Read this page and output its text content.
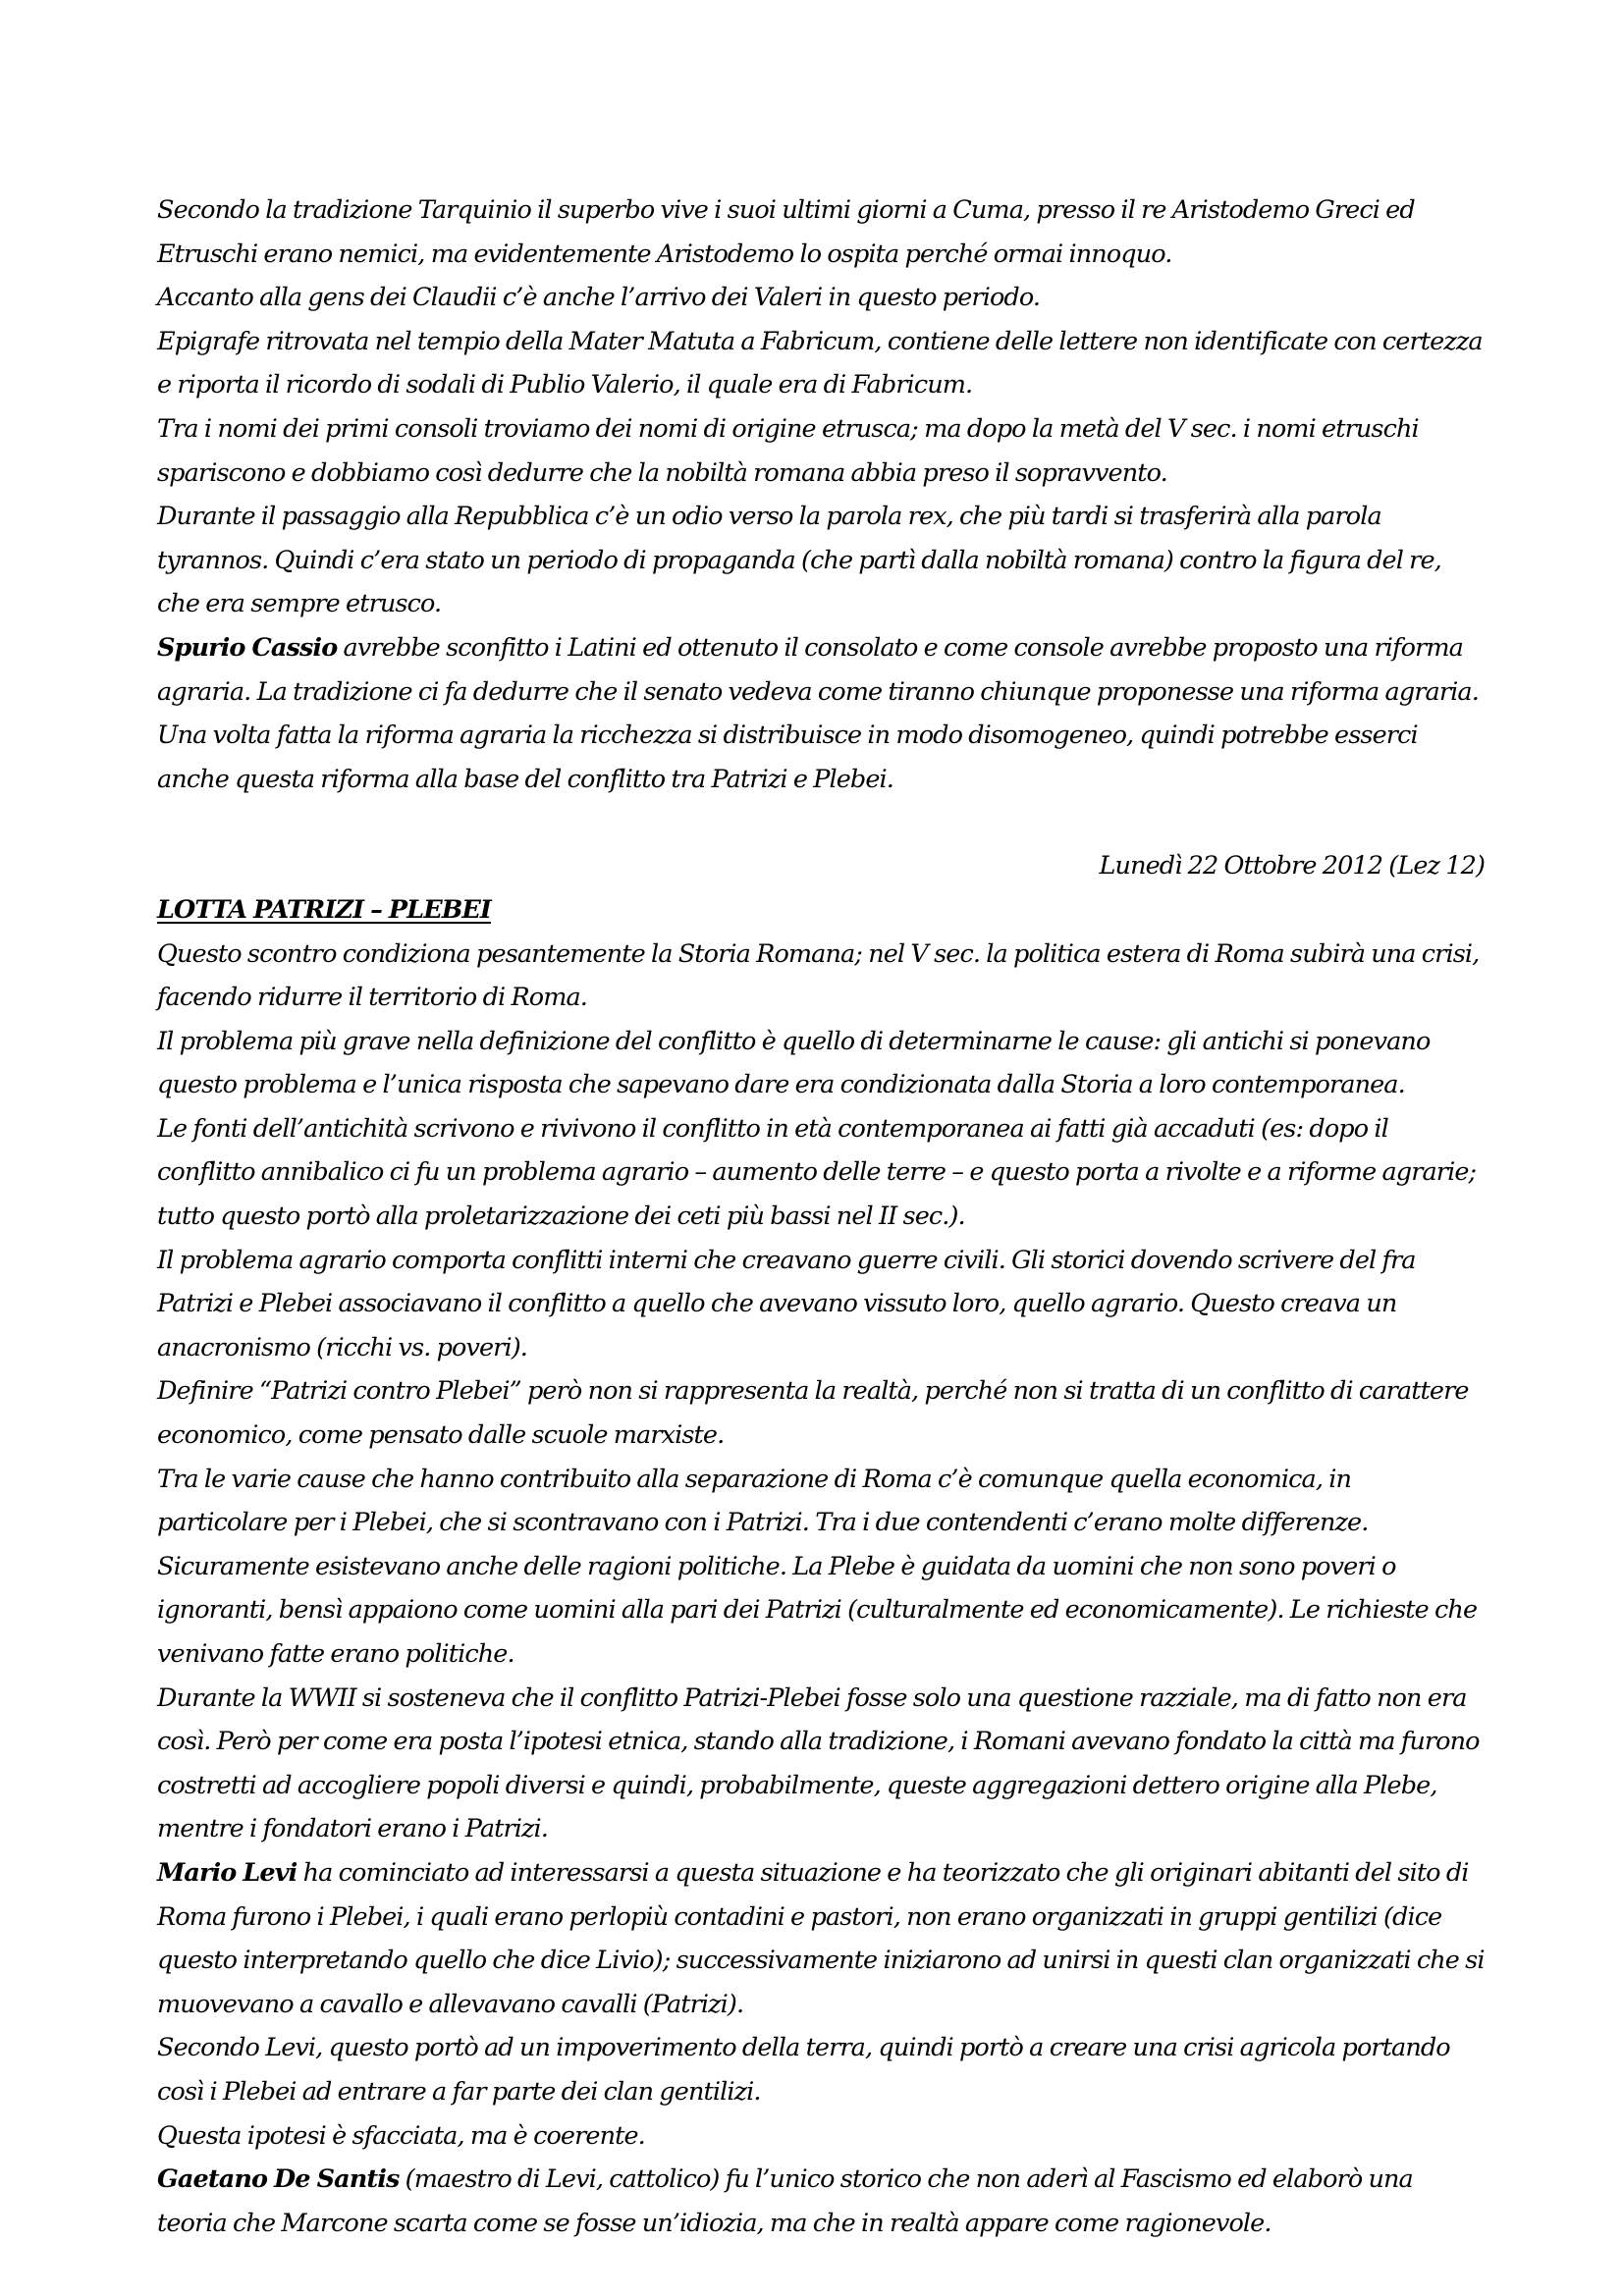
Secondo la tradizione Tarquinio il superbo vive i suoi ultimi giorni a Cuma, presso il re Aristodemo Greci ed Etruschi erano nemici, ma evidentemente Aristodemo lo ospita perché ormai innoquo.

Accanto alla gens dei Claudii c’è anche l’arrivo dei Valeri in questo periodo.

Epigrafe ritrovata nel tempio della Mater Matuta a Fabricum, contiene delle lettere non identificate con certezza e riporta il ricordo di sodali di Publio Valerio, il quale era di Fabricum.

Tra i nomi dei primi consoli troviamo dei nomi di origine etrusca; ma dopo la metà del V sec. i nomi etruschi spariscono e dobbiamo così dedurre che la nobiltà romana abbia preso il sopravvento.

Durante il passaggio alla Repubblica c’è un odio verso la parola rex, che più tardi si trasferirà alla parola tyrannos. Quindi c’era stato un periodo di propaganda (che partì dalla nobiltà romana) contro la figura del re, che era sempre etrusco.

Spurio Cassio avrebbe sconfitto i Latini ed ottenuto il consolato e come console avrebbe proposto una riforma agraria. La tradizione ci fa dedurre che il senato vedeva come tiranno chiunque proponesse una riforma agraria. Una volta fatta la riforma agraria la ricchezza si distribuisce in modo disomogeneo, quindi potrebbe esserci anche questa riforma alla base del conflitto tra Patrizi e Plebei.

Lunedì 22 Ottobre 2012 (Lez 12)

LOTTA PATRIZI – PLEBEI

Questo scontro condiziona pesantemente la Storia Romana; nel V sec. la politica estera di Roma subirà una crisi, facendo ridurre il territorio di Roma.

Il problema più grave nella definizione del conflitto è quello di determinarne le cause: gli antichi si ponevano questo problema e l’unica risposta che sapevano dare era condizionata dalla Storia a loro contemporanea.

Le fonti dell’antichità scrivono e rivivono il conflitto in età contemporanea ai fatti già accaduti (es: dopo il conflitto annibalico ci fu un problema agrario – aumento delle terre – e questo porta a rivolte e a riforme agrarie; tutto questo portò alla proletarizzazione dei ceti più bassi nel II sec.).

Il problema agrario comporta conflitti interni che creavano guerre civili. Gli storici dovendo scrivere del fra Patrizi e Plebei associavano il conflitto a quello che avevano vissuto loro, quello agrario. Questo creava un anacronismo (ricchi vs. poveri).

Definire “Patrizi contro Plebei” però non si rappresenta la realtà, perché non si tratta di un conflitto di carattere economico, come pensato dalle scuole marxiste.

Tra le varie cause che hanno contribuito alla separazione di Roma c’è comunque quella economica, in particolare per i Plebei, che si scontravano con i Patrizi. Tra i due contendenti c’erano molte differenze.

Sicuramente esistevano anche delle ragioni politiche. La Plebe è guidata da uomini che non sono poveri o ignoranti, bensì appaiono come uomini alla pari dei Patrizi (culturalmente ed economicamente). Le richieste che venivano fatte erano politiche.

Durante la WWII si sosteneva che il conflitto Patrizi-Plebei fosse solo una questione razziale, ma di fatto non era così. Però per come era posta l’ipotesi etnica, stando alla tradizione, i Romani avevano fondato la città ma furono costretti ad accogliere popoli diversi e quindi, probabilmente, queste aggregazioni dettero origine alla Plebe, mentre i fondatori erano i Patrizi.

Mario Levi ha cominciato ad interessarsi a questa situazione e ha teorizzato che gli originari abitanti del sito di Roma furono i Plebei, i quali erano perlopiù contadini e pastori, non erano organizzati in gruppi gentilizi (dice questo interpretando quello che dice Livio); successivamente iniziarono ad unirsi in questi clan organizzati che si muovevano a cavallo e allevavano cavalli (Patrizi).

Secondo Levi, questo portò ad un impoverimento della terra, quindi portò a creare una crisi agricola portando così i Plebei ad entrare a far parte dei clan gentilizi.

Questa ipotesi è sfacciata, ma è coerente.

Gaetano De Santis (maestro di Levi, cattolico) fu l’unico storico che non aderì al Fascismo ed elaborò una teoria che Marcone scarta come se fosse un’idiozia, ma che in realtà appare come ragionevole.
